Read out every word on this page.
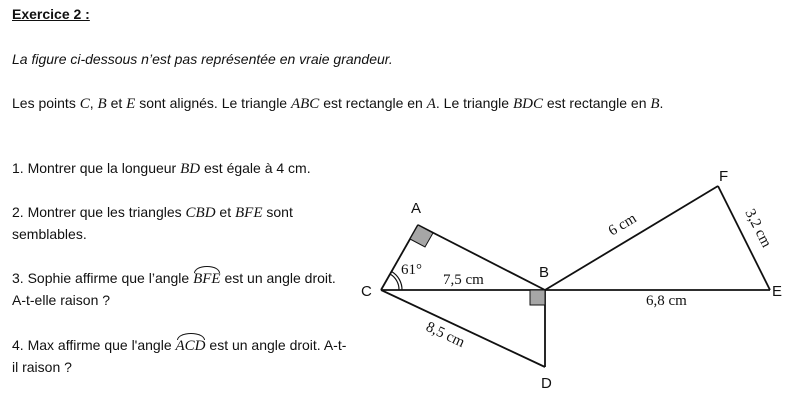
Exercice 2 :
La figure ci-dessous n’est pas représentée en vraie grandeur.
Les points C, B et E sont alignés. Le triangle ABC est rectangle en A. Le triangle BDC est rectangle en B.
1. Montrer que la longueur BD est égale à 4 cm.
2. Montrer que les triangles CBD et BFE sont semblables.
3. Sophie affirme que l’angle BFE est un angle droit. A-t-elle raison ?
4. Max affirme que l'angle ACD est un angle droit. A-t-il raison ?
A
B
C
D
E
F
61°
7,5 cm
6,8 cm
8,5 cm
6 cm	3,2 cm
